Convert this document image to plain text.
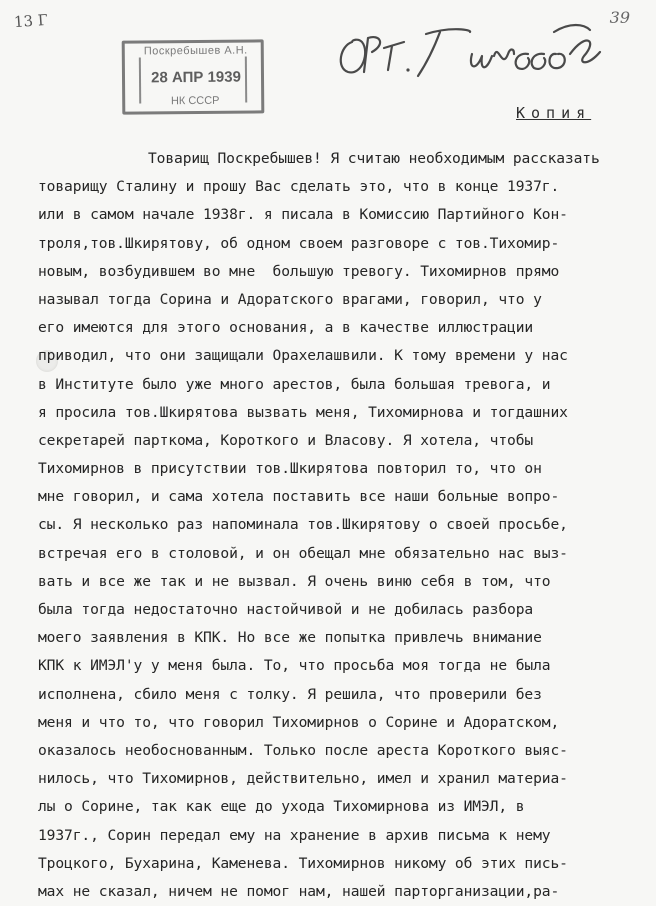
13 Г	39
Поскребышев А.Н.
28 АПР 1939
НК СССР
Копия
Товарищ Поскребышев! Я считаю необходимым рассказать
товарищу Сталину и прошу Вас сделать это, что в конце 1937г.
или в самом начале 1938г. я писала в Комиссию Партийного Кон-
троля,тов.Шкирятову, об одном своем разговоре с тов.Тихомир-
новым, возбудившем во мне  большую тревогу. Тихомирнов прямо
называл тогда Сорина и Адоратского врагами, говорил, что у
его имеются для этого основания, а в качестве иллюстрации
приводил, что они защищали Орахелашвили. К тому времени у нас
в Институте было уже много арестов, была большая тревога, и
я просила тов.Шкирятова вызвать меня, Тихомирнова и тогдашних
секретарей парткома, Короткого и Власову. Я хотела, чтобы
Тихомирнов в присутствии тов.Шкирятова повторил то, что он
мне говорил, и сама хотела поставить все наши больные вопро-
сы. Я несколько раз напоминала тов.Шкирятову о своей просьбе,
встречая его в столовой, и он обещал мне обязательно нас выз-
вать и все же так и не вызвал. Я очень виню себя в том, что
была тогда недостаточно настойчивой и не добилась разбора
моего заявления в КПК. Но все же попытка привлечь внимание
КПК к ИМЭЛ'у у меня была. То, что просьба моя тогда не была
исполнена, сбило меня с толку. Я решила, что проверили без
меня и что то, что говорил Тихомирнов о Сорине и Адоратском,
оказалось необоснованным. Только после ареста Короткого выяс-
нилось, что Тихомирнов, действительно, имел и хранил материа-
лы о Сорине, так как еще до ухода Тихомирнова из ИМЭЛ, в
1937г., Сорин передал ему на хранение в архив письма к нему
Троцкого, Бухарина, Каменева. Тихомирнов никому об этих пись-
мах не сказал, ничем не помог нам, нашей парторганизации,ра-
